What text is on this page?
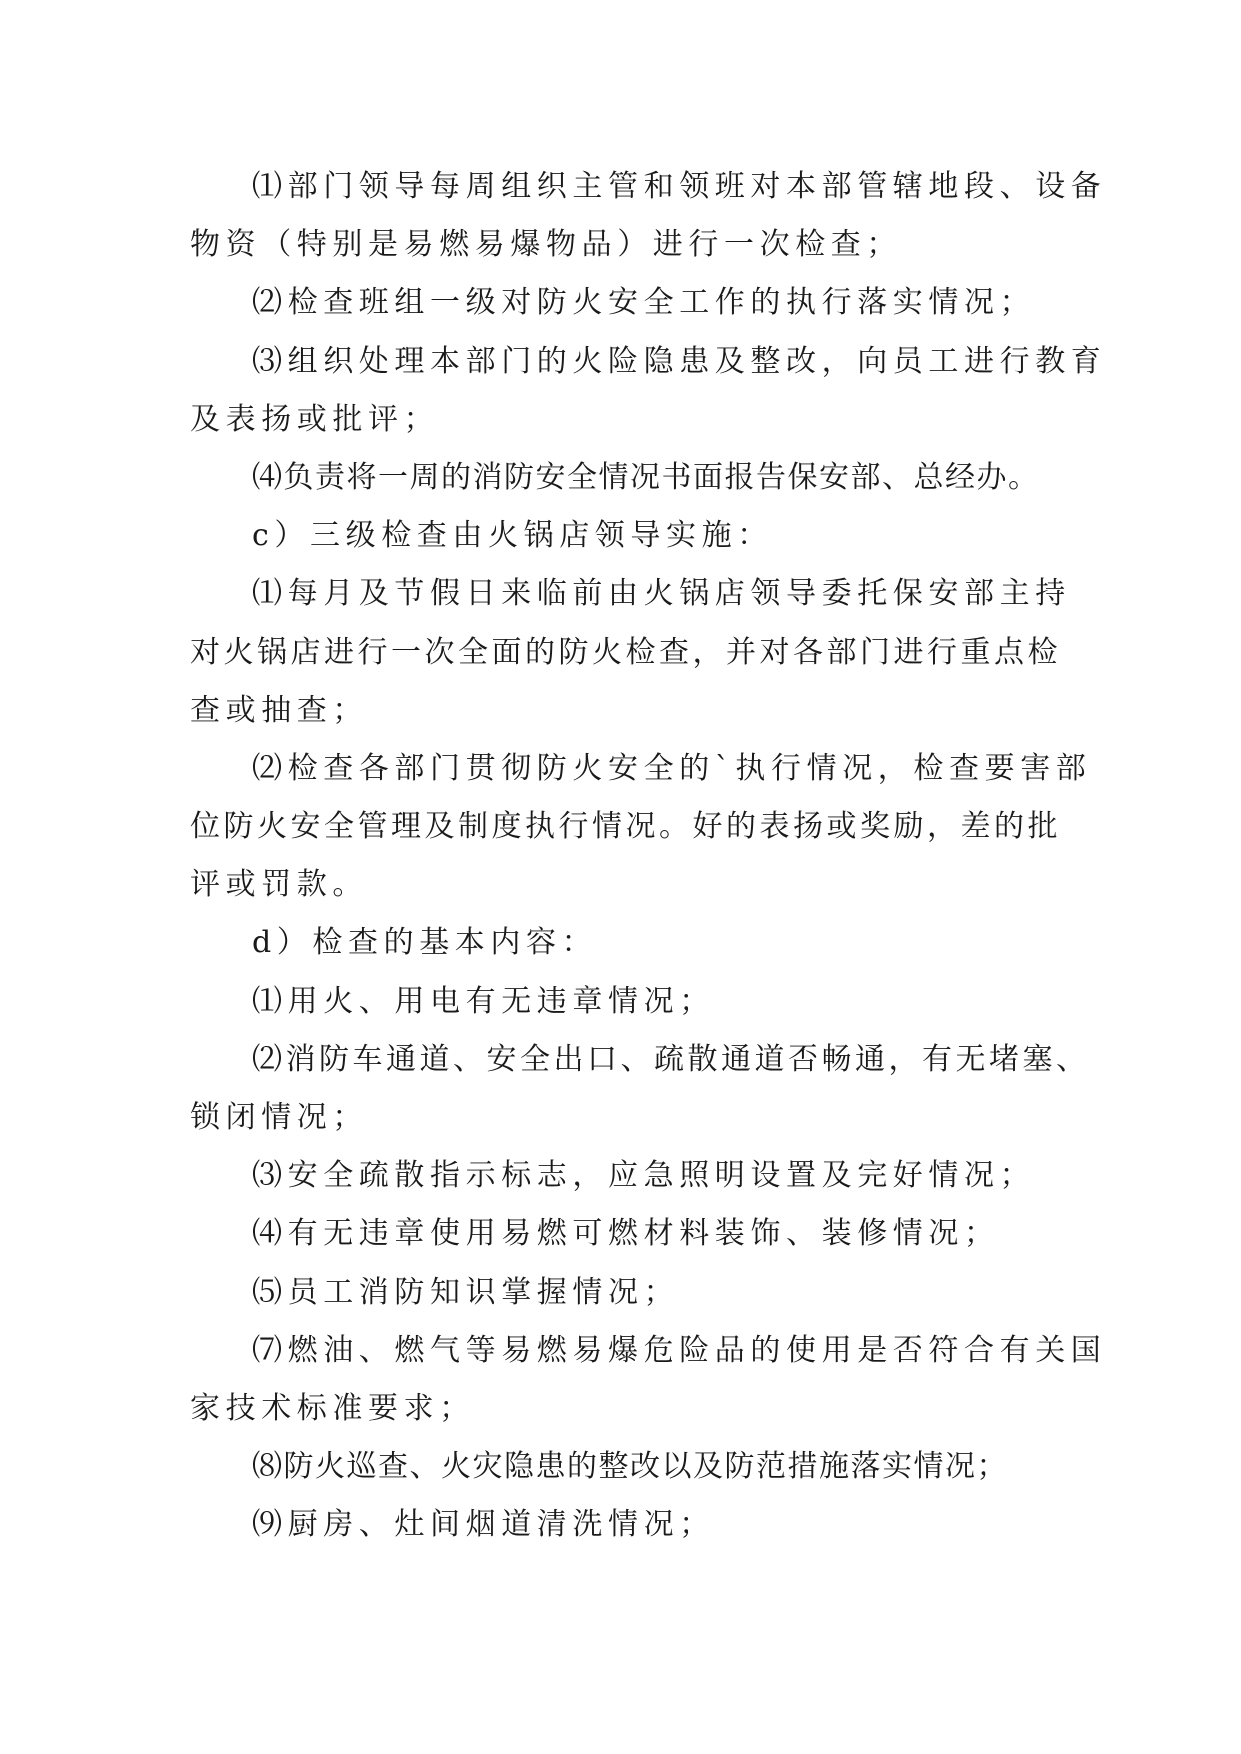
⑴部门领导每周组织主管和领班对本部管辖地段、设备
物资（特别是易燃易爆物品）进行一次检查；
⑵检查班组一级对防火安全工作的执行落实情况；
⑶组织处理本部门的火险隐患及整改，向员工进行教育
及表扬或批评；
⑷负责将一周的消防安全情况书面报告保安部、总经办。
c）三级检查由火锅店领导实施：
⑴每月及节假日来临前由火锅店领导委托保安部主持
对火锅店进行一次全面的防火检查，并对各部门进行重点检
查或抽查；
⑵检查各部门贯彻防火安全的`执行情况，检查要害部
位防火安全管理及制度执行情况。好的表扬或奖励，差的批
评或罚款。
d）检查的基本内容：
⑴用火、用电有无违章情况；
⑵消防车通道、安全出口、疏散通道否畅通，有无堵塞、
锁闭情况；
⑶安全疏散指示标志，应急照明设置及完好情况；
⑷有无违章使用易燃可燃材料装饰、装修情况；
⑸员工消防知识掌握情况；
⑺燃油、燃气等易燃易爆危险品的使用是否符合有关国
家技术标准要求；
⑻防火巡查、火灾隐患的整改以及防范措施落实情况；
⑼厨房、灶间烟道清洗情况；
